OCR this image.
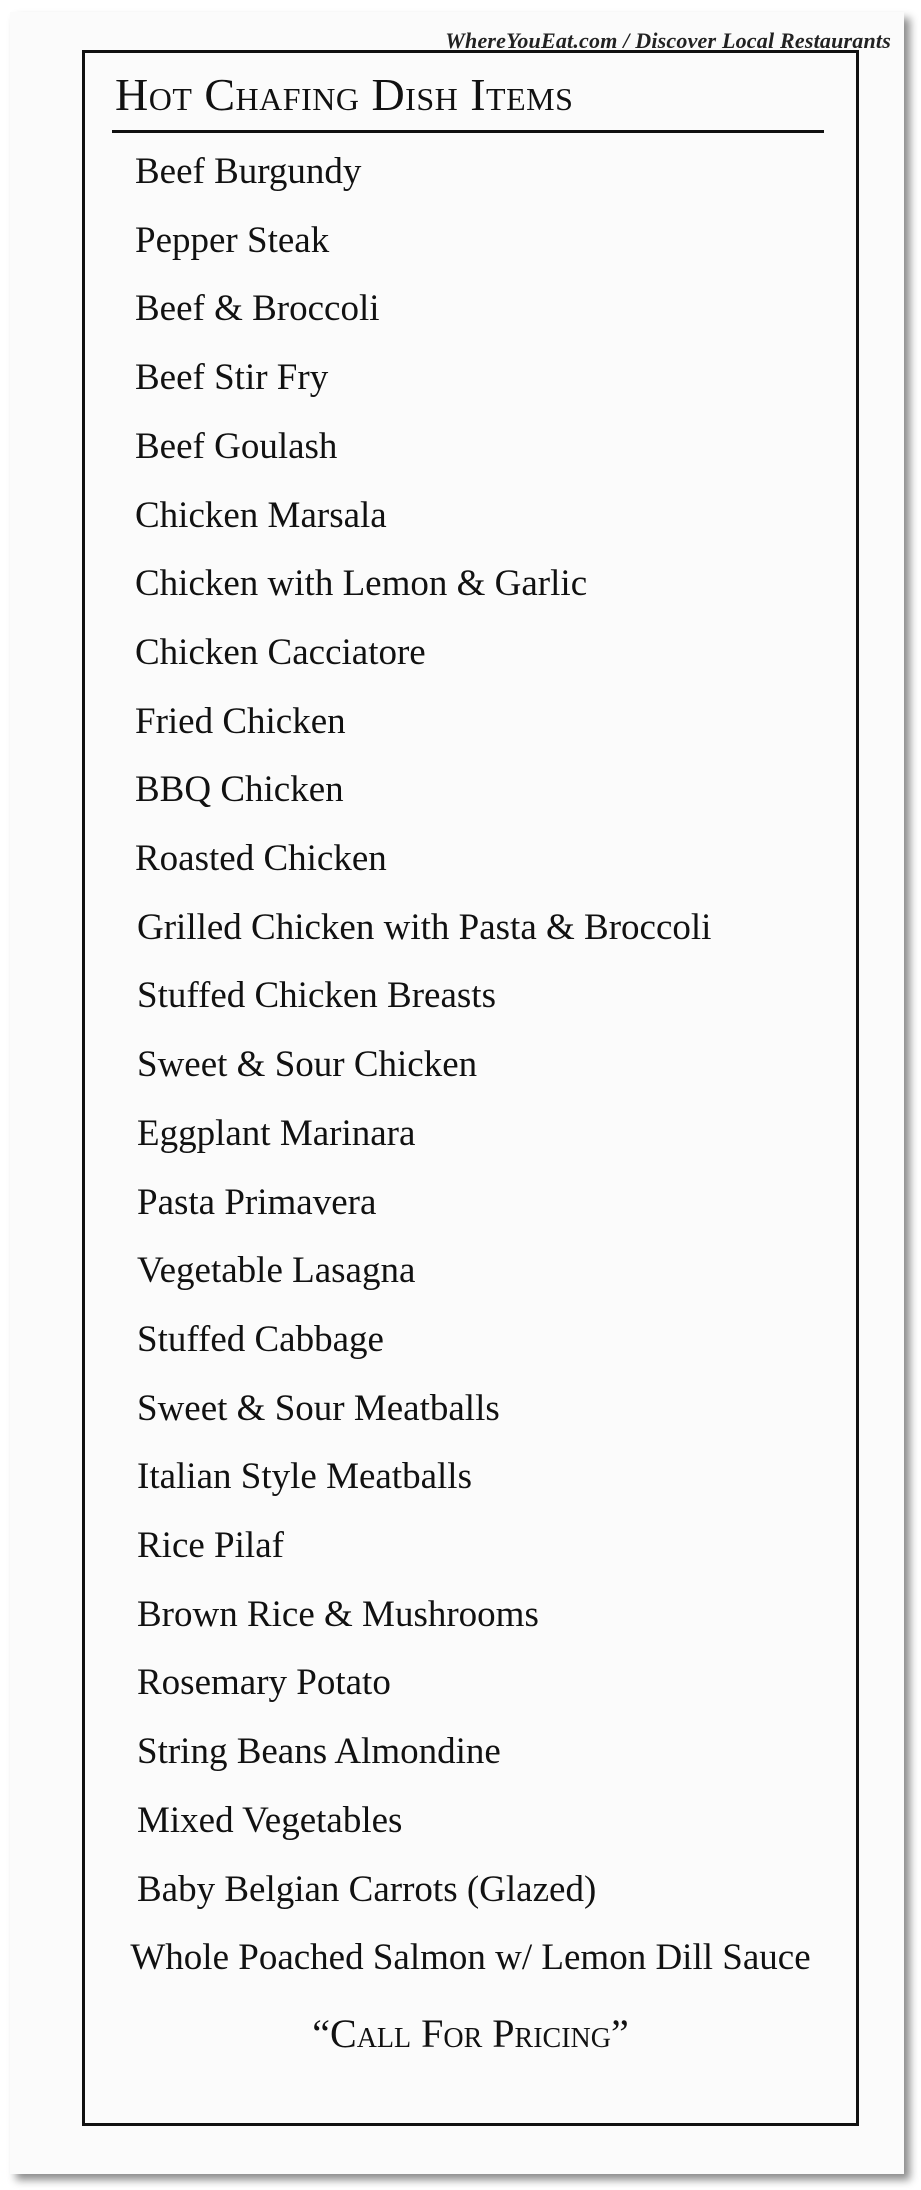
WhereYouEat.com / Discover Local Restaurants
Hot Chafing Dish Items
Beef Burgundy
Pepper Steak
Beef & Broccoli
Beef Stir Fry
Beef Goulash
Chicken Marsala
Chicken with Lemon & Garlic
Chicken Cacciatore
Fried Chicken
BBQ Chicken
Roasted Chicken
Grilled Chicken with Pasta & Broccoli
Stuffed Chicken Breasts
Sweet & Sour Chicken
Eggplant Marinara
Pasta Primavera
Vegetable Lasagna
Stuffed Cabbage
Sweet & Sour Meatballs
Italian Style Meatballs
Rice Pilaf
Brown Rice & Mushrooms
Rosemary Potato
String Beans Almondine
Mixed Vegetables
Baby Belgian Carrots (Glazed)
Whole Poached Salmon w/ Lemon Dill Sauce
“Call For Pricing”
